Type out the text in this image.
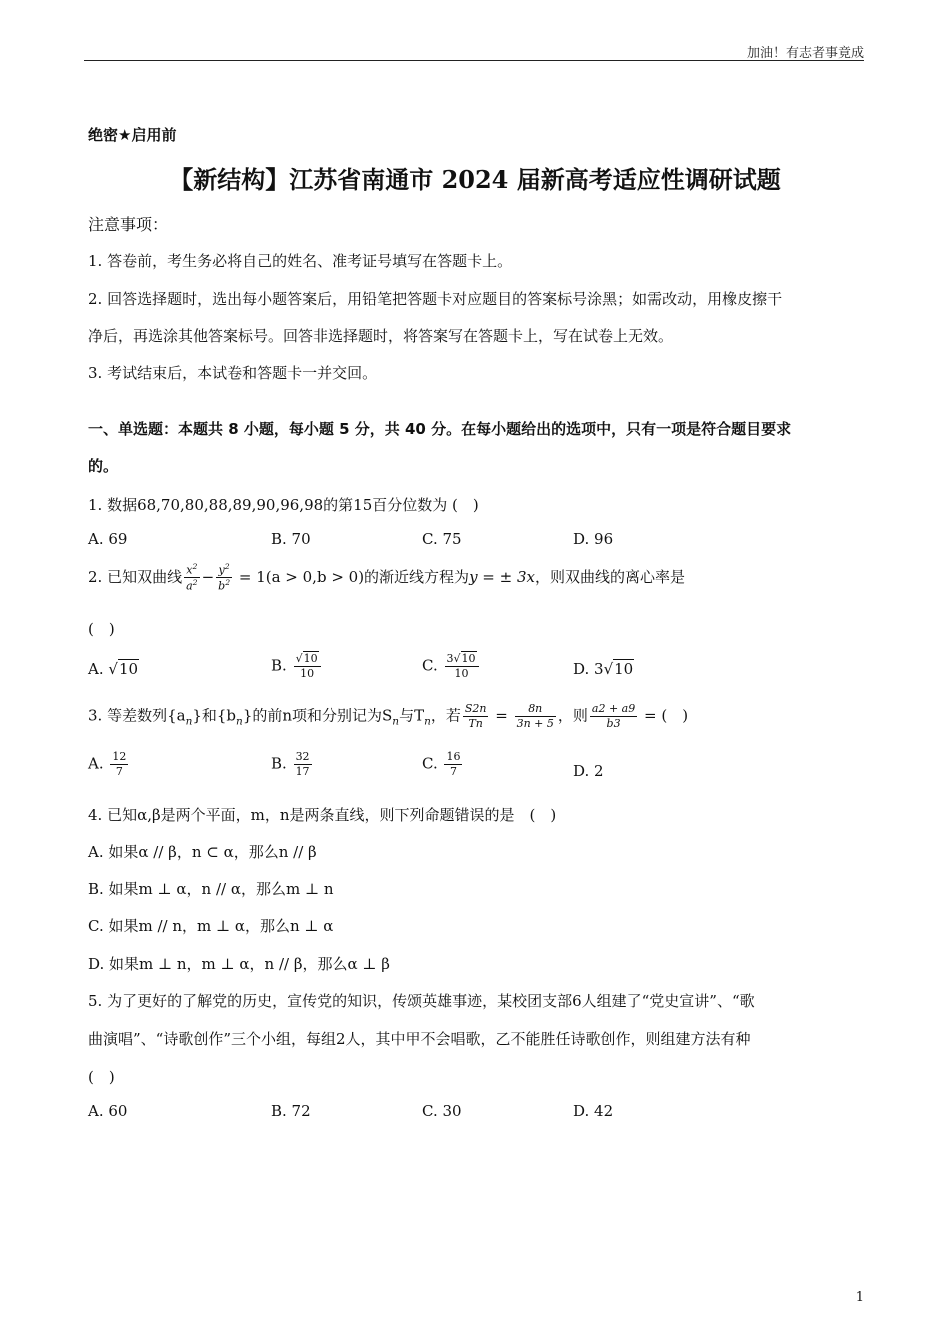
加油！有志者事竟成
绝密★启用前
【新结构】江苏省南通市 2024 届新高考适应性调研试题
注意事项：
1. 答卷前，考生务必将自己的姓名、准考证号填写在答题卡上。
2. 回答选择题时，选出每小题答案后，用铅笔把答题卡对应题目的答案标号涂黑；如需改动，用橡皮擦干
净后，再选涂其他答案标号。回答非选择题时，将答案写在答题卡上，写在试卷上无效。
3. 考试结束后，本试卷和答题卡一并交回。
一、单选题：本题共 8 小题，每小题 5 分，共 40 分。在每小题给出的选项中，只有一项是符合题目要求
的。
1. 数据68,70,80,88,89,90,96,98的第15百分位数为 (　)
A. 69	B. 70	C. 75	D. 96
2. 已知双曲线 $\frac{x^2}{a^2} - \frac{y^2}{b^2} = 1(a > 0,b > 0)$的渐近线方程为y = ± 3x，则双曲线的离心率是
(　)
A. √10	B. $\frac{√10}{10}$	C. $\frac{3√10}{10}$	D. 3√10
3. 等差数列$\{a_n\}$和$\{b_n\}$的前n项和分别记为$S_n$与$T_n$，若 $\frac{S2n}{Tn} = \frac{8n}{3n + 5}$ ，则 $\frac{a2 + a9}{b3}$ = (　)
A. $\frac{12}{7}$	B. $\frac{32}{17}$	C. $\frac{16}{7}$	D. 2
4. 已知α,β是两个平面，m，n是两条直线，则下列命题错误的是　(　)
A. 如果α // β，n ⊂ α，那么n // β
B. 如果m ⊥ α，n // α，那么m ⊥ n
C. 如果m // n，m ⊥ α，那么n ⊥ α
D. 如果m ⊥ n，m ⊥ α，n // β，那么α ⊥ β
5. 为了更好的了解党的历史，宣传党的知识，传颂英雄事迹，某校团支部6人组建了“党史宣讲”、“歌
曲演唱”、“诗歌创作”三个小组，每组2人，其中甲不会唱歌，乙不能胜任诗歌创作，则组建方法有种
(　)
A. 60	B. 72	C. 30	D. 42
1
